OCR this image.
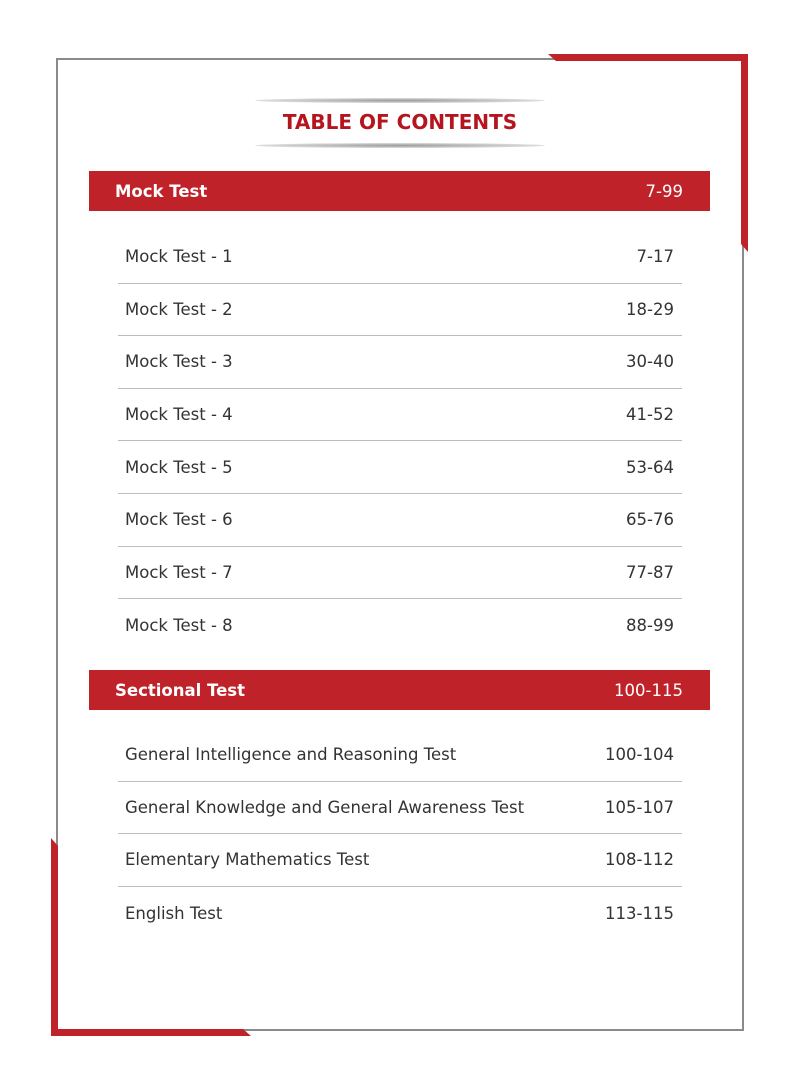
TABLE OF CONTENTS
Mock Test	7-99
Mock Test - 1	7-17
Mock Test - 2	18-29
Mock Test - 3	30-40
Mock Test - 4	41-52
Mock Test - 5	53-64
Mock Test - 6	65-76
Mock Test - 7	77-87
Mock Test - 8	88-99
Sectional Test	100-115
General Intelligence and Reasoning Test	100-104
General Knowledge and General Awareness Test	105-107
Elementary Mathematics Test	108-112
English Test	113-115
